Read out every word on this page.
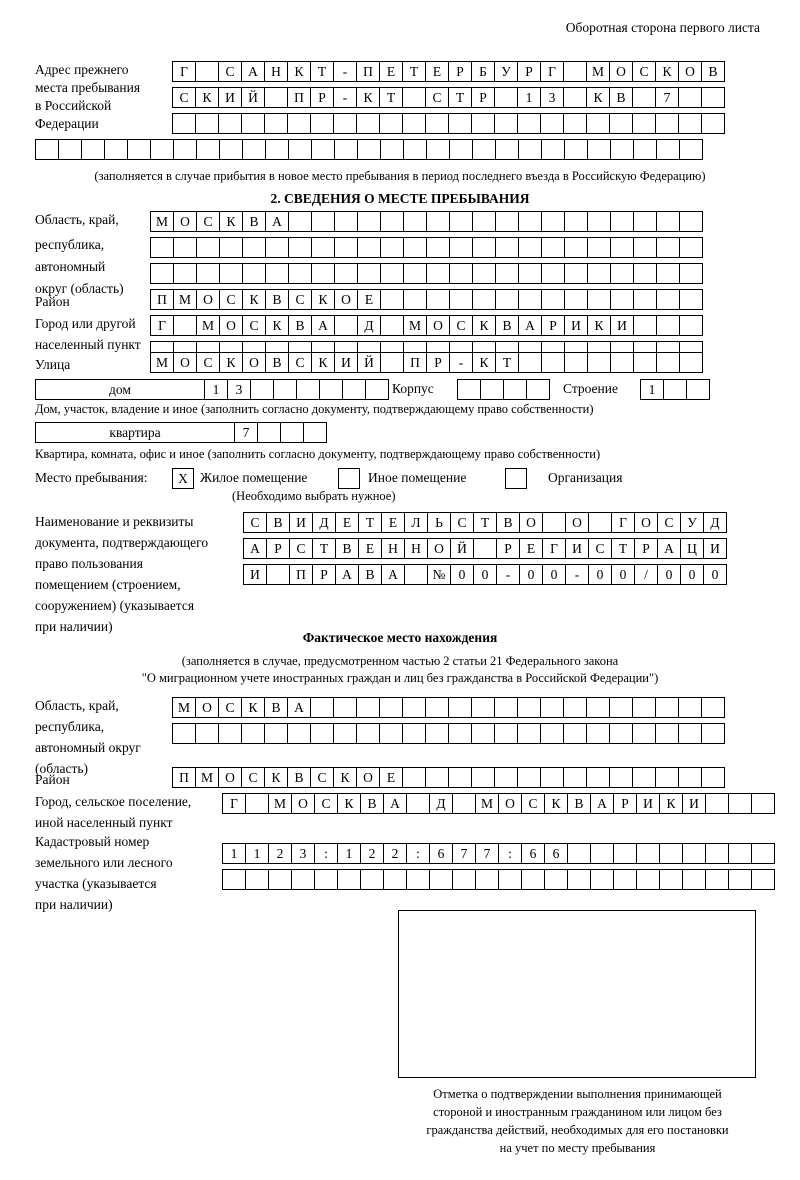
Оборотная сторона первого листа
Адрес прежнего
места пребывания
в Российской
Федерации
Г	С	А Н	К	Т	-	П	Е	Т	Е	Р	Б	У	Р	Г	М О	С	К	О	В
С	К	И Й	П	Р	-	К	Т	С	Т	Р	1	3	К	В	7
(заполняется в случае прибытия в новое место пребывания в период последнего въезда в Российскую Федерацию)
2. СВЕДЕНИЯ О МЕСТЕ ПРЕБЫВАНИЯ
Область, край,
республика,
автономный
округ (область)
М О	С	К	В	А
Район	П М О	С	К	В	С	К	О	Е
Город или другой
населенный пункт
Г	М О	С	К	В	А	Д	М О	С	К	В	А	Р	И	К	И
Улица	М О	С	К	О	В	С	К	И Й	П	Р	-	К	Т
дом	1	3	Корпус	Строение	1
Дом, участок, владение и иное (заполнить согласно документу, подтверждающему право собственности)
квартира	7
Квартира, комната, офис и иное (заполнить согласно документу, подтверждающему право собственности)
Место пребывания:	X Жилое помещение	Иное помещение	Организация
(Необходимо выбрать нужное)
Наименование и реквизиты
документа, подтверждающего
право пользования
помещением (строением,
сооружением) (указывается
при наличии)
С	В	И	Д	Е	Т	Е	Л	Ь	С	Т	В	О	О	Г	О	С	У	Д
А	Р	С	Т	В	Е	Н Н О Й	Р	Е	Г	И	С	Т	Р	А Ц И
И	П	Р	А	В	А	№ 0	0	-	0	0	-	0	0	/	0	0	0
Фактическое место нахождения
(заполняется в случае, предусмотренном частью 2 статьи 21 Федерального закона
"О миграционном учете иностранных граждан и лиц без гражданства в Российской Федерации")
Область, край,
республика,
автономный округ
(область)
М О	С	К	В	А
Район	П М О	С	К	В	С	К	О	Е
Город, сельское поселение,
иной населенный пункт
Г	М О	С	К	В	А	Д	М О	С	К	В	А	Р	И	К	И
Кадастровый номер
земельного или лесного
участка (указывается
при наличии)
1	1	2	3	:	1	2	2	:	6	7	7	:	6	6
Отметка о подтверждении выполнения принимающей
стороной и иностранным гражданином или лицом без
гражданства действий, необходимых для его постановки
на учет по месту пребывания
